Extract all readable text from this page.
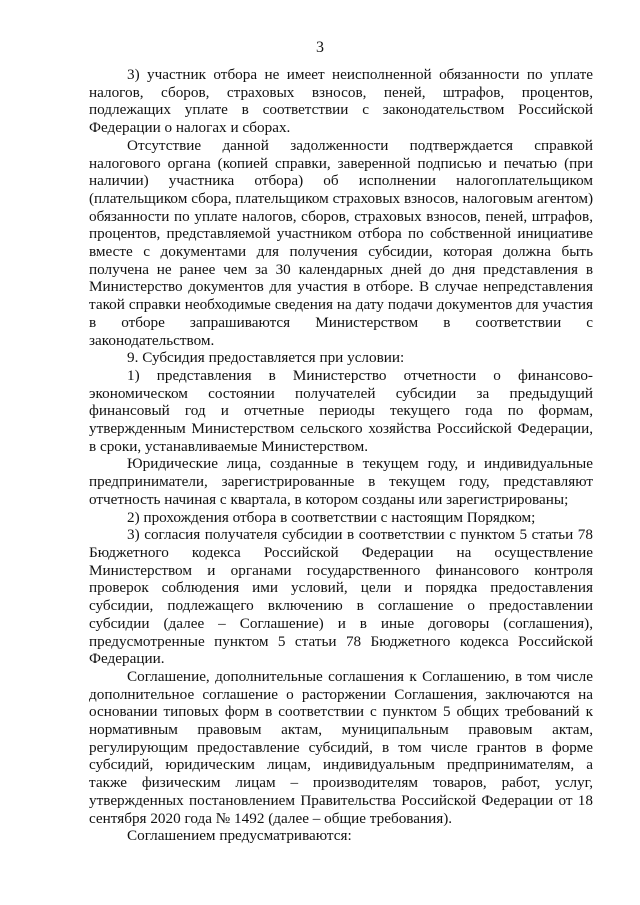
3

3) участник отбора не имеет неисполненной обязанности по уплате налогов, сборов, страховых взносов, пеней, штрафов, процентов, подлежащих уплате в соответствии с законодательством Российской Федерации о налогах и сборах.

Отсутствие данной задолженности подтверждается справкой налогового органа (копией справки, заверенной подписью и печатью (при наличии) участника отбора) об исполнении налогоплательщиком (плательщиком сбора, плательщиком страховых взносов, налоговым агентом) обязанности по уплате налогов, сборов, страховых взносов, пеней, штрафов, процентов, представляемой участником отбора по собственной инициативе вместе с документами для получения субсидии, которая должна быть получена не ранее чем за 30 календарных дней до дня представления в Министерство документов для участия в отборе. В случае непредставления такой справки необходимые сведения на дату подачи документов для участия в отборе запрашиваются Министерством в соответствии с законодательством.

9. Субсидия предоставляется при условии:

1) представления в Министерство отчетности о финансово-экономическом состоянии получателей субсидии за предыдущий финансовый год и отчетные периоды текущего года по формам, утвержденным Министерством сельского хозяйства Российской Федерации, в сроки, устанавливаемые Министерством.

Юридические лица, созданные в текущем году, и индивидуальные предприниматели, зарегистрированные в текущем году, представляют отчетность начиная с квартала, в котором созданы или зарегистрированы;

2) прохождения отбора в соответствии с настоящим Порядком;

3) согласия получателя субсидии в соответствии с пунктом 5 статьи 78 Бюджетного кодекса Российской Федерации на осуществление Министерством и органами государственного финансового контроля проверок соблюдения ими условий, цели и порядка предоставления субсидии, подлежащего включению в соглашение о предоставлении субсидии (далее – Соглашение) и в иные договоры (соглашения), предусмотренные пунктом 5 статьи 78 Бюджетного кодекса Российской Федерации.

Соглашение, дополнительные соглашения к Соглашению, в том числе дополнительное соглашение о расторжении Соглашения, заключаются на основании типовых форм в соответствии с пунктом 5 общих требований к нормативным правовым актам, муниципальным правовым актам, регулирующим предоставление субсидий, в том числе грантов в форме субсидий, юридическим лицам, индивидуальным предпринимателям, а также физическим лицам – производителям товаров, работ, услуг, утвержденных постановлением Правительства Российской Федерации от 18 сентября 2020 года № 1492 (далее – общие требования).

Соглашением предусматриваются:
